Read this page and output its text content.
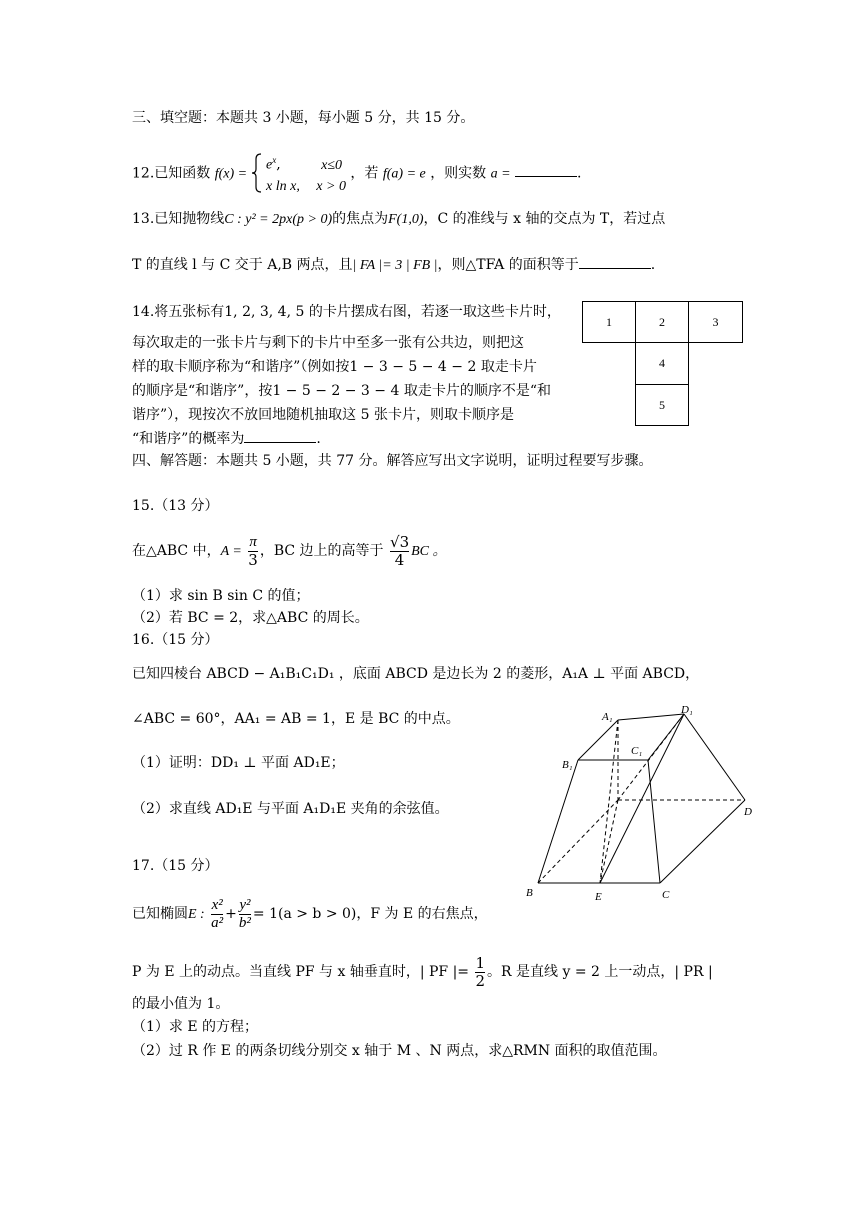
三、填空题：本题共 3 小题，每小题 5 分，共 15 分。
12.已知函数 f(x) =

$e^x$,	x≤0
x ln x, x > 0
，若 f(a) = e ，则实数 a =	.
13.已知抛物线C : y² = 2px(p > 0)的焦点为F(1,0)，C 的准线与 x 轴的交点为 T，若过点
T 的直线 l 与 C 交于 A,B 两点，且| FA |= 3 | FB |，则△TFA 的面积等于	.
14.将五张标有1, 2, 3, 4, 5 的卡片摆成右图，若逐一取这些卡片时，
每次取走的一张卡片与剩下的卡片中至多一张有公共边，则把这
样的取卡顺序称为“和谐序”（例如按1 − 3 − 5 − 4 − 2 取走卡片
的顺序是“和谐序”，按1 − 5 − 2 − 3 − 4 取走卡片的顺序不是“和
谐序”），现按次不放回地随机抽取这 5 张卡片，则取卡顺序是
“和谐序”的概率为	.
1	2	3
4
5
四、解答题：本题共 5 小题，共 77 分。解答应写出文字说明，证明过程要写步骤。
15.（13 分）
在△ABC 中，$A = \frac{\pi}{3}$ ，BC 边上的高等于 $\frac{√3}{4}$ BC 。
（1）求 sin B sin C 的值；
（2）若 BC = 2，求△ABC 的周长。
16.（15 分）
已知四棱台 ABCD − A₁B₁C₁D₁ ，底面 ABCD 是边长为 2 的菱形，A₁A ⊥ 平面 ABCD，
∠ABC = 60°，AA₁ = AB = 1，E 是 BC 的中点。
（1）证明：DD₁ ⊥ 平面 AD₁E；
（2）求直线 AD₁E 与平面 A₁D₁E 夹角的余弦值。
A₁
D₁
C₁
B₁
D
B	E	C
17.（15 分）
已知椭圆E : $\frac{\text{x²}}{\text{a²}} + \frac{\text{y²}}{\text{b²}} = 1(a > b > 0)$，F 为 E 的右焦点，
P 为 E 上的动点。当直线 PF 与 x 轴垂直时，| PF |= $\frac{1}{2}$ 。R 是直线 y = 2 上一动点，| PR |
的最小值为 1。
（1）求 E 的方程；
（2）过 R 作 E 的两条切线分别交 x 轴于 M 、N 两点，求△RMN 面积的取值范围。
